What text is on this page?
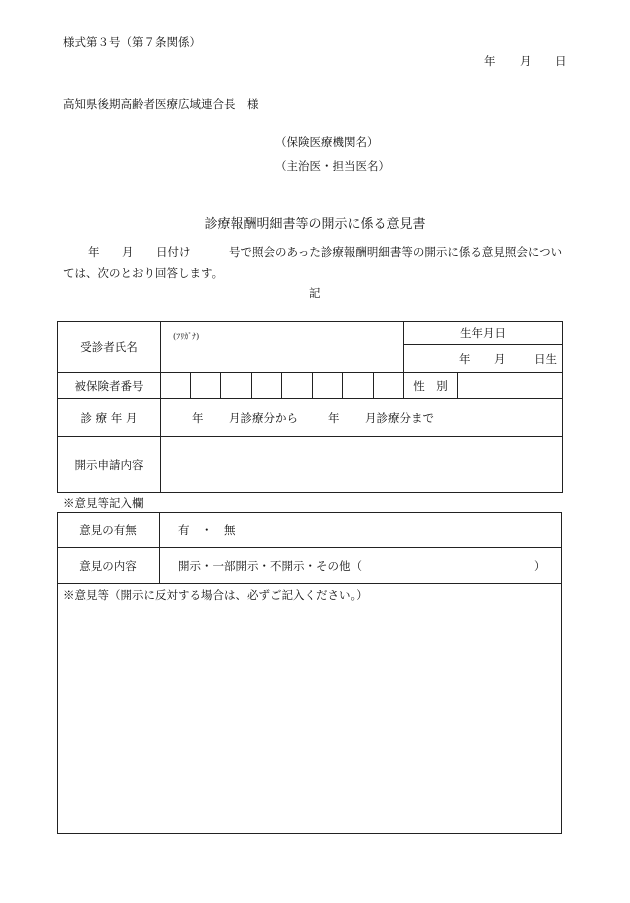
様式第３号（第７条関係）
年 月 日
高知県後期高齢者医療広域連合長　様
（保険医療機関名）
（主治医・担当医名）
診療報酬明細書等の開示に係る意見書
年 月 日付け	号で照会のあった診療報酬明細書等の開示に係る意見照会につい
ては、次のとおり回答します。
記
受診者氏名	(ﾌﾘｶﾞﾅ)								生年月日	

									年 月 日生	

被保険者番号									性　別	
診 療 年 月	年 月診療分から 年 月診療分まで									

開示申請内容										
※意見等記入欄
意見の有無	有　・　無
意見の内容	開示・一部開示・不開示・その他（	）
※意見等（開示に反対する場合は、必ずご記入ください。）
